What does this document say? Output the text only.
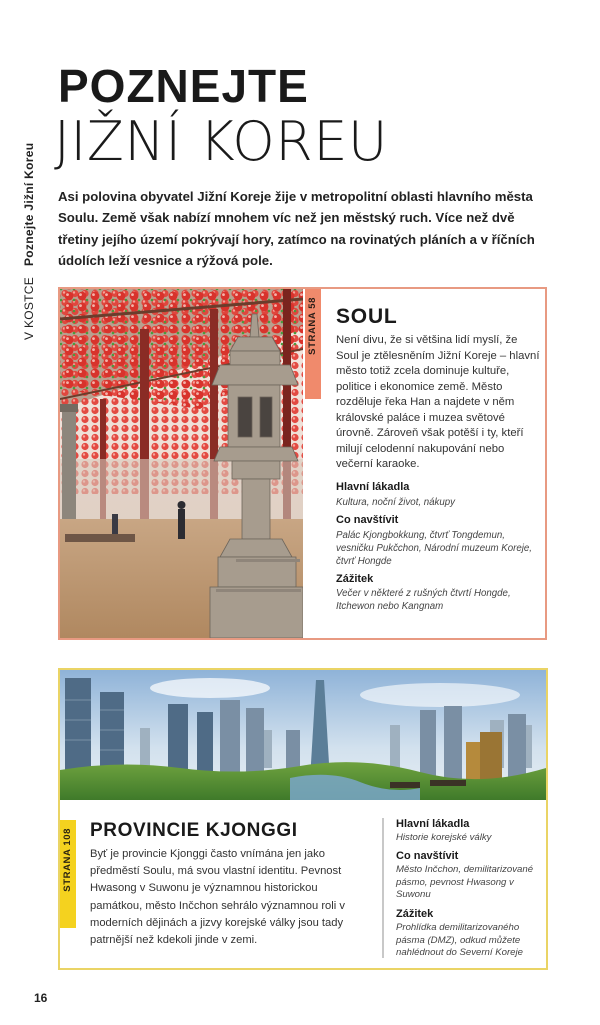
V KOSTCE   Poznejte Jižní Koreu
POZNEJTE
JIŽNÍ KOREU
Asi polovina obyvatel Jižní Koreje žije v metropolitní oblasti hlavního města Soulu. Země však nabízí mnohem víc než jen městský ruch. Více než dvě třetiny jejího území pokrývají hory, zatímco na rovinatých pláních a v říčních údolích leží vesnice a rýžová pole.
STRANA 58 SOUL
Není divu, že si většina lidí myslí, že Soul je ztělesněním Jižní Koreje – hlavní město totiž zcela dominuje kultuře, politice i ekonomice země. Město rozděluje řeka Han a najdete v něm královské paláce i muzea světové úrovně. Zároveň však potěší i ty, kteří milují celodenní nakupování nebo večerní karaoke.
Hlavní lákadla
Kultura, noční život, nákupy
Co navštívit
Palác Kjongbokkung, čtvrť Tongdemun, vesničku Pukčchon, Národní muzeum Koreje, čtvrť Hongde
Zážitek
Večer v některé z rušných čtvrtí Hongde, Itchewon nebo Kangnam
STRANA 108 PROVINCIE KJONGGI
Byť je provincie Kjonggi často vnímána jen jako předměstí Soulu, má svou vlastní identitu. Pevnost Hwasong v Suwonu je významnou historickou památkou, město Inčchon sehrálo významnou roli v moderních dějinách a jizvy korejské války jsou tady patrnější než kdekoli jinde v zemi.
Hlavní lákadla
Historie korejské války
Co navštívit
Město Inčchon, demilitarizované pásmo, pevnost Hwasong v Suwonu
Zážitek
Prohlídka demilitarizovaného pásma (DMZ), odkud můžete nahlédnout do Severní Koreje
16
